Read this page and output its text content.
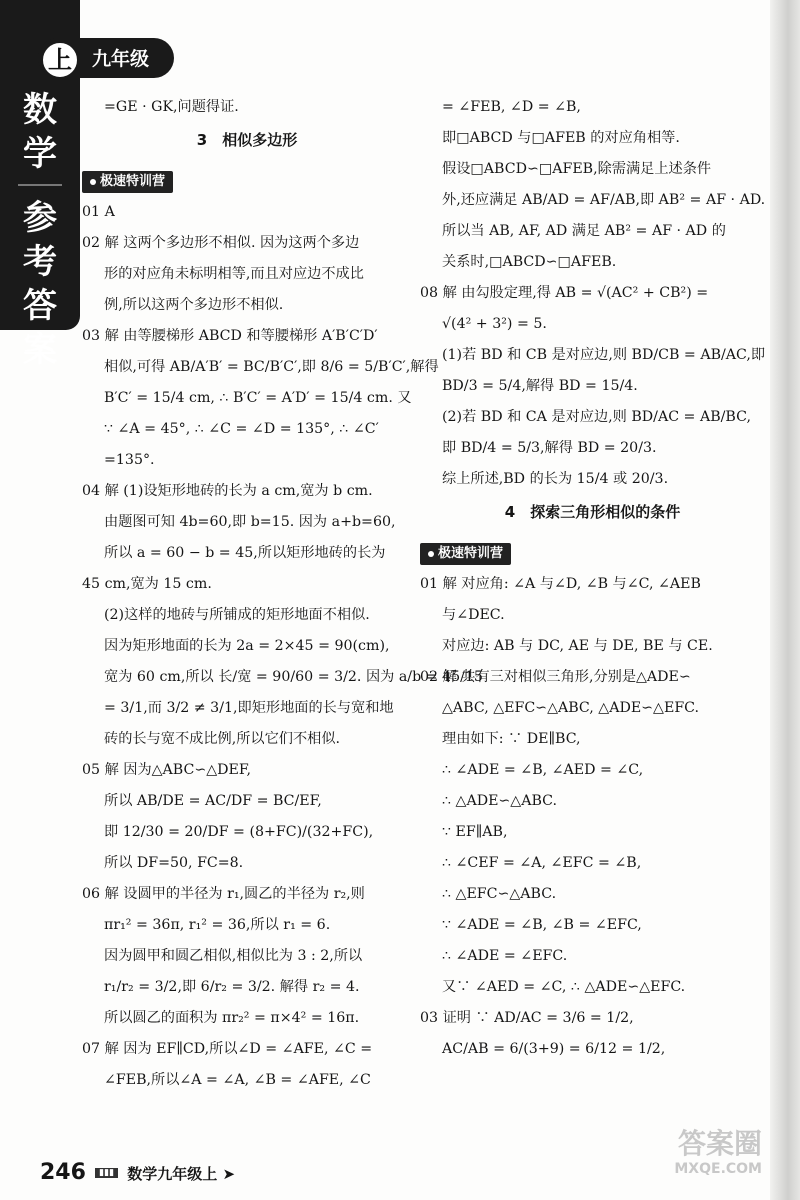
数
学
参
考
答
案
上	九年级
=GE · GK,问题得证.
3　相似多边形
极速特训营
01 A
02 解 这两个多边形不相似. 因为这两个多边
形的对应角未标明相等,而且对应边不成比
例,所以这两个多边形不相似.
03 解 由等腰梯形 ABCD 和等腰梯形 A′B′C′D′
相似,可得 AB/A′B′ = BC/B′C′,即 8/6 = 5/B′C′,解得
B′C′ = 15/4 cm, ∴ B′C′ = A′D′ = 15/4 cm. 又
∵ ∠A = 45°, ∴ ∠C = ∠D = 135°, ∴ ∠C′
=135°.
04 解 (1)设矩形地砖的长为 a cm,宽为 b cm.
由题图可知 4b=60,即 b=15. 因为 a+b=60,
所以 a = 60 − b = 45,所以矩形地砖的长为
45 cm,宽为 15 cm.
(2)这样的地砖与所铺成的矩形地面不相似.
因为矩形地面的长为 2a = 2×45 = 90(cm),
宽为 60 cm,所以 长/宽 = 90/60 = 3/2. 因为 a/b = 45/15
= 3/1,而 3/2 ≠ 3/1,即矩形地面的长与宽和地
砖的长与宽不成比例,所以它们不相似.
05 解 因为△ABC∽△DEF,
所以 AB/DE = AC/DF = BC/EF,
即 12/30 = 20/DF = (8+FC)/(32+FC),
所以 DF=50, FC=8.
06 解 设圆甲的半径为 r₁,圆乙的半径为 r₂,则
πr₁² = 36π, r₁² = 36,所以 r₁ = 6.
因为圆甲和圆乙相似,相似比为 3 : 2,所以
r₁/r₂ = 3/2,即 6/r₂ = 3/2. 解得 r₂ = 4.
所以圆乙的面积为 πr₂² = π×4² = 16π.
07 解 因为 EF∥CD,所以∠D = ∠AFE, ∠C =
∠FEB,所以∠A = ∠A, ∠B = ∠AFE, ∠C
= ∠FEB, ∠D = ∠B,
即□ABCD 与□AFEB 的对应角相等.
假设□ABCD∽□AFEB,除需满足上述条件
外,还应满足 AB/AD = AF/AB,即 AB² = AF · AD.
所以当 AB, AF, AD 满足 AB² = AF · AD 的
关系时,□ABCD∽□AFEB.
08 解 由勾股定理,得 AB = √(AC² + CB²) =
√(4² + 3²) = 5.
(1)若 BD 和 CB 是对应边,则 BD/CB = AB/AC,即
BD/3 = 5/4,解得 BD = 15/4.
(2)若 BD 和 CA 是对应边,则 BD/AC = AB/BC,
即 BD/4 = 5/3,解得 BD = 20/3.
综上所述,BD 的长为 15/4 或 20/3.
4　探索三角形相似的条件
极速特训营
01 解 对应角: ∠A 与∠D, ∠B 与∠C, ∠AEB
与∠DEC.
对应边: AB 与 DC, AE 与 DE, BE 与 CE.
02 解 共有三对相似三角形,分别是△ADE∽
△ABC, △EFC∽△ABC, △ADE∽△EFC.
理由如下: ∵ DE∥BC,
∴ ∠ADE = ∠B, ∠AED = ∠C,
∴ △ADE∽△ABC.
∵ EF∥AB,
∴ ∠CEF = ∠A, ∠EFC = ∠B,
∴ △EFC∽△ABC.
∵ ∠ADE = ∠B, ∠B = ∠EFC,
∴ ∠ADE = ∠EFC.
又∵ ∠AED = ∠C, ∴ △ADE∽△EFC.
03 证明 ∵ AD/AC = 3/6 = 1/2,
AC/AB = 6/(3+9) = 6/12 = 1/2,
246 ▮▮▮ 数学九年级上 ➤
答案圈
MXQE.COM
